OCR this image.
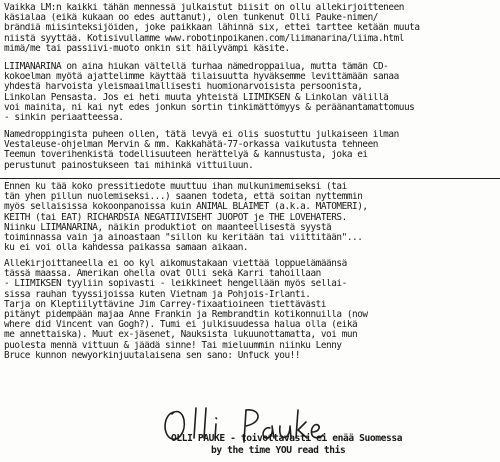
Vaikka LM:n kaikki tähän mennessä julkaistut biisit on ollu allekirjoitteneen
käsialaa (eikä kukaan oo edes auttanut), olen tunkenut Olli Pauke-nimen/
brändiä miisinteksijöiden, joke paikkaan lähinnä six, ettei tarttee ketään muuta
niistä syyttää. Kotisivullamme www.robotinpoikanen.com/liimanarina/liima.html
mimä/me tai passiivi-muoto onkin sit häilyvämpi käsite.
LIIMANARINA on aina hiukan vältellä turhaa nämedroppailua, mutta tämän CD-
kokoelman myötä ajattelimme käyttää tilaisuutta hyväksemme levittämään sanaa
yhdestä harvoista yleismaailmallisesti huomionarvoisista persoonista,
Linkolan Pensasta. Jos ei heti muuta yhteistä LIIMIKSEN & Linkolan välillä
voi mainita, ni kai nyt edes jonkun sortin tinkimättömyys & peräänantamattomuus
- sinkin periaatteessa.
Namedroppingista puheen ollen, tätä levyä ei olis suostuttu julkaiseen ilman
Vestaleuse-ohjelman Mervin & mm. Kakkahätä-77-orkassa vaikutusta tehneen
Teemun toverihenkistä todellisuuteen herättelyä & kannustusta, joka ei
perustunut painostukseen tai mihinkä vittuiluun.
Ennen ku tää koko pressitiedote muuttuu ihan mulkunimemiseksi (tai
tän yhen pillun nuolemiseksi...) saanen todeta, että soitan nyttemmin
myös sellaisissa kokoonpanoissa kuin ANIMAL BLAIMET (a.k.a. MATOMERI),
KEITH (tai EAT) RICHARDSIA NEGATIIVISEHT JUOPOT je THE LOVEHATERS.
Niinku LIIMANARINA, näikin produktiot on maanteellisestä syystä
toiminnassa vain ja ainoastaan "sillon ku keritään tai viittitään"...
ku ei voi olla kahdessa paikassa samaan aikaan.
Allekirjoittaneella ei oo kyl aikomustakaan viettää loppuelämäänsä
tässä maassa. Amerikan ohella ovat Olli sekä Karri tahoillaan
- LIIMIKSEN tyyliin sopivasti - leikkineet hengellään myös sellai-
sissa rauhan tyyssijoissa kuten Vietnam ja Pohjois-Irlanti.
Tarja on Kleptiilyttävine Jim Carrey-fixaatioineen tiettävästi
pitänyt pidempään majaa Anne Frankin ja Rembrandtin kotikonnuilla (now
where did Vincent van Gogh?). Tumi ei julkisuudessa halua olla (eikä
me annettaiska). Muut ex-jäsenet, Nauksista lukuunottamatta, voi mun
puolesta mennä vittuun & jäädä sinne! Tai mieluummin niinku Lenny
Bruce kunnon newyorkinjuutalaisena sen sano: Unfuck you!!
OLLI PAUKE - toivottavasti ei enää Suomessa
by the time YOU read this
